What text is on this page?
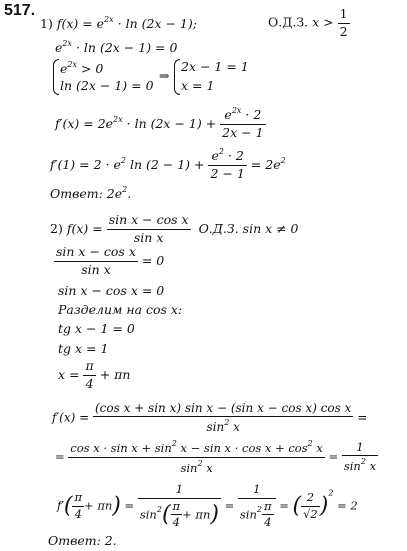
517.
1) $f(x) = e^{2x} \cdot \ln (2x - 1)$;	О.Д.З. $x > \frac{1}{2}$
$e^{2x} \cdot \ln (2x - 1) = 0$
$e^{2x} > 0$
ln (2x − 1) = 0
⇒
2x − 1 = 1
x = 1
$f'(x) = 2e^{2x} \cdot \ln (2x - 1) + \frac{e^{2x} \cdot 2}{2x - 1}$
$f'(1) = 2 \cdot e^2$ $\ln (2 - 1) + \frac{e^2 \cdot 2}{2 - 1} = 2e^2$
Ответ: $2e^2$.
2) $f(x) = \frac{\text{sin x − cos x}}{\text{sin x}} О.Д.З$. sin x ≠ 0
$\frac{\text{sin x − cos x}}{\text{sin x}} = 0$
sin x − cos x = 0
Разделим на cos x:
tg x − 1 = 0
tg x = 1
$x = \frac{\pi}{4} + \pi n$
$f'(x) = \frac{\text{(cos x + sin x) sin x − (sin x − cos x) cos x}}{\sin^2 x}$ =
= $\frac{\cos x \cdot \sin x + \sin^2 x - \sin x \cdot \cos x + \cos^2 x}{\sin^2 x} = \frac{1}{\sin^2 x}$
$f'( \frac{\pi}{4} + \pi n) = \frac{1}{\sin^2( \frac{\pi}{4} + \pi n)} = \frac{1}{\sin^2 \frac{\pi}{4}}$ = ( $\frac{2}{√2} )^2 = 2$
Ответ: 2.
